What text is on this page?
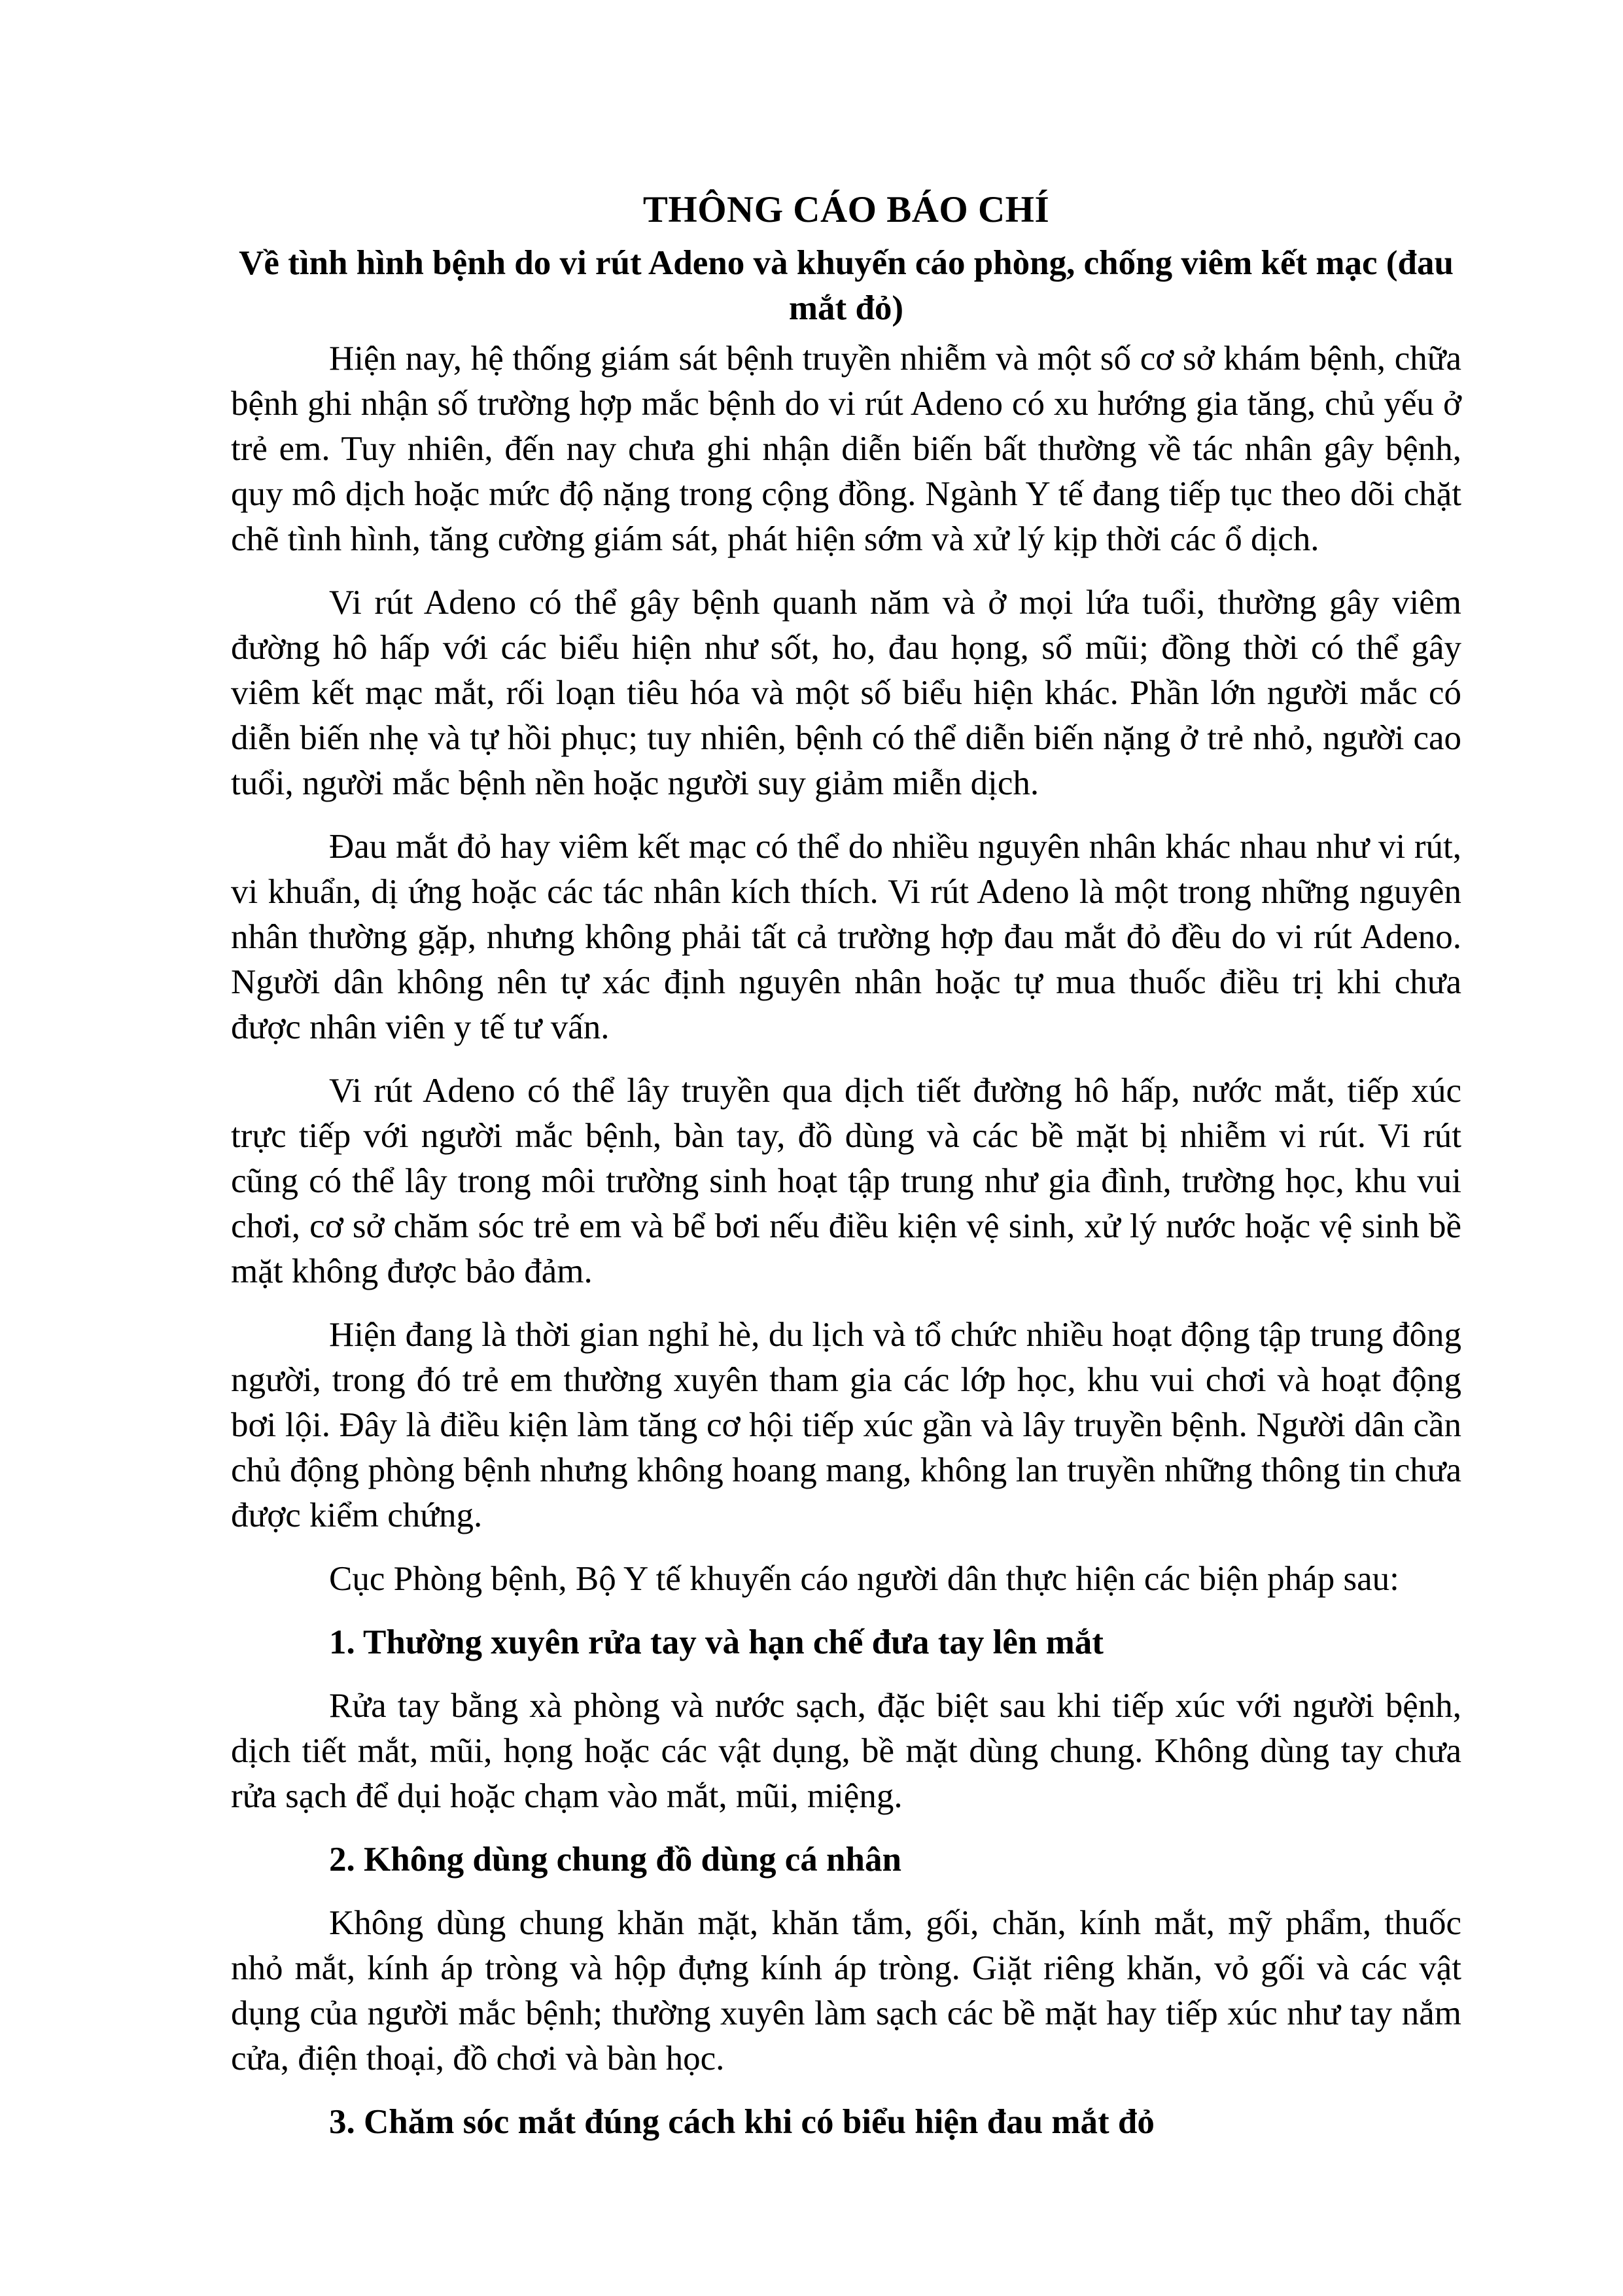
THÔNG CÁO BÁO CHÍ
Về tình hình bệnh do vi rút Adeno và khuyến cáo phòng, chống viêm kết mạc (đau mắt đỏ)

Hiện nay, hệ thống giám sát bệnh truyền nhiễm và một số cơ sở khám bệnh, chữa bệnh ghi nhận số trường hợp mắc bệnh do vi rút Adeno có xu hướng gia tăng, chủ yếu ở trẻ em. Tuy nhiên, đến nay chưa ghi nhận diễn biến bất thường về tác nhân gây bệnh, quy mô dịch hoặc mức độ nặng trong cộng đồng. Ngành Y tế đang tiếp tục theo dõi chặt chẽ tình hình, tăng cường giám sát, phát hiện sớm và xử lý kịp thời các ổ dịch.

Vi rút Adeno có thể gây bệnh quanh năm và ở mọi lứa tuổi, thường gây viêm đường hô hấp với các biểu hiện như sốt, ho, đau họng, sổ mũi; đồng thời có thể gây viêm kết mạc mắt, rối loạn tiêu hóa và một số biểu hiện khác. Phần lớn người mắc có diễn biến nhẹ và tự hồi phục; tuy nhiên, bệnh có thể diễn biến nặng ở trẻ nhỏ, người cao tuổi, người mắc bệnh nền hoặc người suy giảm miễn dịch.

Đau mắt đỏ hay viêm kết mạc có thể do nhiều nguyên nhân khác nhau như vi rút, vi khuẩn, dị ứng hoặc các tác nhân kích thích. Vi rút Adeno là một trong những nguyên nhân thường gặp, nhưng không phải tất cả trường hợp đau mắt đỏ đều do vi rút Adeno. Người dân không nên tự xác định nguyên nhân hoặc tự mua thuốc điều trị khi chưa được nhân viên y tế tư vấn.

Vi rút Adeno có thể lây truyền qua dịch tiết đường hô hấp, nước mắt, tiếp xúc trực tiếp với người mắc bệnh, bàn tay, đồ dùng và các bề mặt bị nhiễm vi rút. Vi rút cũng có thể lây trong môi trường sinh hoạt tập trung như gia đình, trường học, khu vui chơi, cơ sở chăm sóc trẻ em và bể bơi nếu điều kiện vệ sinh, xử lý nước hoặc vệ sinh bề mặt không được bảo đảm.

Hiện đang là thời gian nghỉ hè, du lịch và tổ chức nhiều hoạt động tập trung đông người, trong đó trẻ em thường xuyên tham gia các lớp học, khu vui chơi và hoạt động bơi lội. Đây là điều kiện làm tăng cơ hội tiếp xúc gần và lây truyền bệnh. Người dân cần chủ động phòng bệnh nhưng không hoang mang, không lan truyền những thông tin chưa được kiểm chứng.

Cục Phòng bệnh, Bộ Y tế khuyến cáo người dân thực hiện các biện pháp sau:

1. Thường xuyên rửa tay và hạn chế đưa tay lên mắt

Rửa tay bằng xà phòng và nước sạch, đặc biệt sau khi tiếp xúc với người bệnh, dịch tiết mắt, mũi, họng hoặc các vật dụng, bề mặt dùng chung. Không dùng tay chưa rửa sạch để dụi hoặc chạm vào mắt, mũi, miệng.

2. Không dùng chung đồ dùng cá nhân

Không dùng chung khăn mặt, khăn tắm, gối, chăn, kính mắt, mỹ phẩm, thuốc nhỏ mắt, kính áp tròng và hộp đựng kính áp tròng. Giặt riêng khăn, vỏ gối và các vật dụng của người mắc bệnh; thường xuyên làm sạch các bề mặt hay tiếp xúc như tay nắm cửa, điện thoại, đồ chơi và bàn học.

3. Chăm sóc mắt đúng cách khi có biểu hiện đau mắt đỏ
